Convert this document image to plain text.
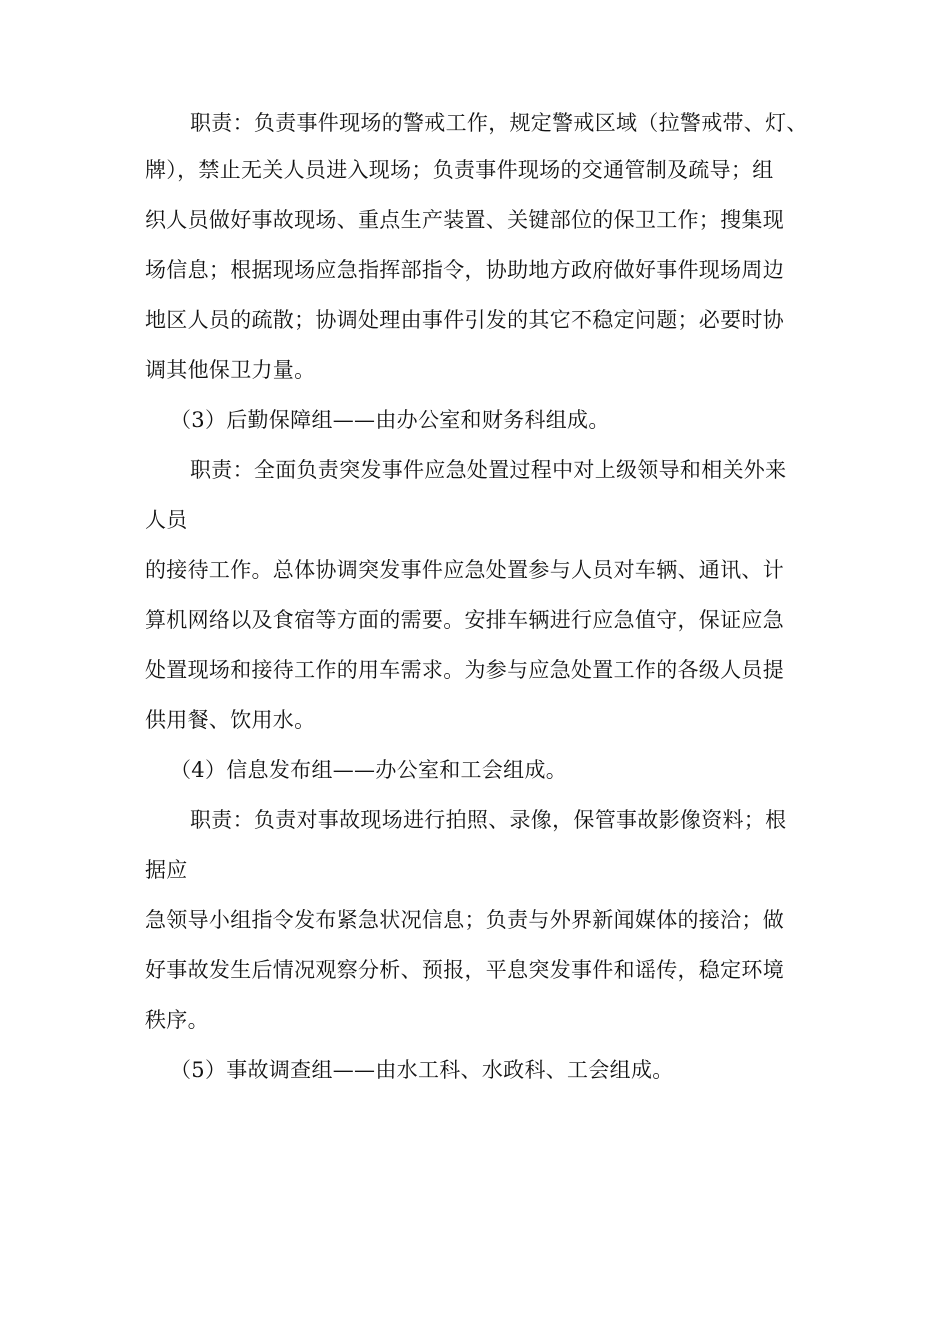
职责：负责事件现场的警戒工作，规定警戒区域（拉警戒带、灯、
牌），禁止无关人员进入现场；负责事件现场的交通管制及疏导；组
织人员做好事故现场、重点生产装置、关键部位的保卫工作；搜集现
场信息；根据现场应急指挥部指令，协助地方政府做好事件现场周边
地区人员的疏散；协调处理由事件引发的其它不稳定问题；必要时协
调其他保卫力量。
（3）后勤保障组——由办公室和财务科组成。
职责：全面负责突发事件应急处置过程中对上级领导和相关外来
人员
的接待工作。总体协调突发事件应急处置参与人员对车辆、通讯、计
算机网络以及食宿等方面的需要。安排车辆进行应急值守，保证应急
处置现场和接待工作的用车需求。为参与应急处置工作的各级人员提
供用餐、饮用水。
（4）信息发布组——办公室和工会组成。
职责：负责对事故现场进行拍照、录像，保管事故影像资料；根
据应
急领导小组指令发布紧急状况信息；负责与外界新闻媒体的接洽；做
好事故发生后情况观察分析、预报，平息突发事件和谣传，稳定环境
秩序。
（5）事故调查组——由水工科、水政科、工会组成。
